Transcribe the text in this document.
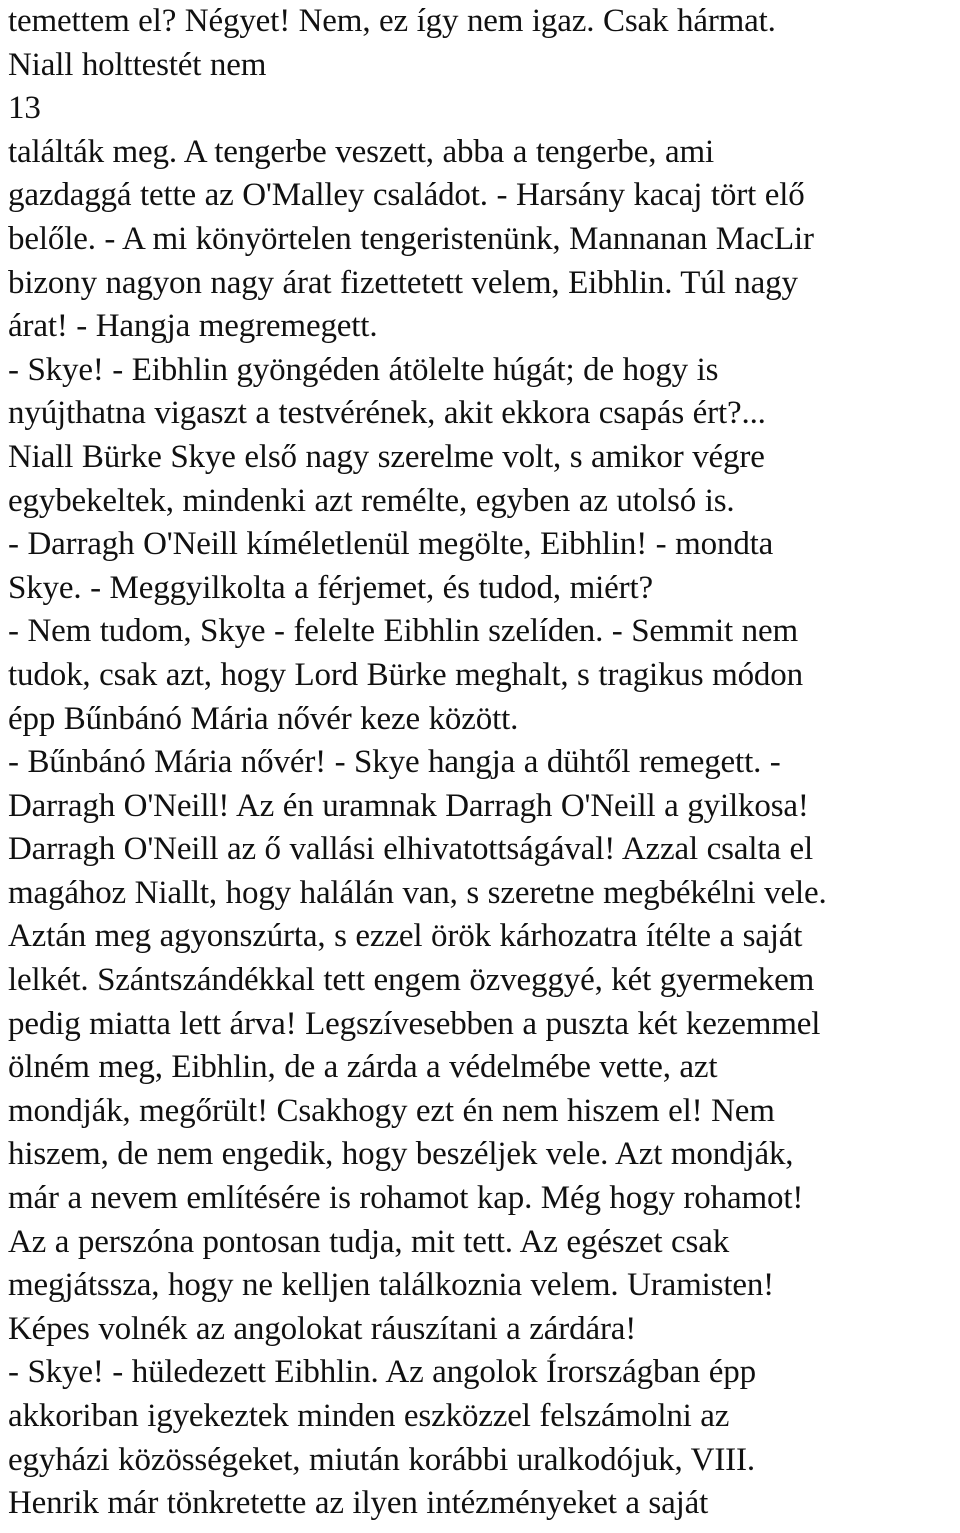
temettem el? Négyet! Nem, ez így nem igaz. Csak hármat.
Niall holttestét nem
13
találták meg. A tengerbe veszett, abba a tengerbe, ami
gazdaggá tette az O'Malley családot. - Harsány kacaj tört elő
belőle. - A mi könyörtelen tengeristenünk, Mannanan MacLir
bizony nagyon nagy árat fizettetett velem, Eibhlin. Túl nagy
árat! - Hangja megremegett.
- Skye! - Eibhlin gyöngéden átölelte húgát; de hogy is
nyújthatna vigaszt a testvérének, akit ekkora csapás ért?...
Niall Bürke Skye első nagy szerelme volt, s amikor végre
egybekeltek, mindenki azt remélte, egyben az utolsó is.
- Darragh O'Neill kíméletlenül megölte, Eibhlin! - mondta
Skye. - Meggyilkolta a férjemet, és tudod, miért?
- Nem tudom, Skye - felelte Eibhlin szelíden. - Semmit nem
tudok, csak azt, hogy Lord Bürke meghalt, s tragikus módon
épp Bűnbánó Mária nővér keze között.
- Bűnbánó Mária nővér! - Skye hangja a dühtől remegett. -
Darragh O'Neill! Az én uramnak Darragh O'Neill a gyilkosa!
Darragh O'Neill az ő vallási elhivatottságával! Azzal csalta el
magához Niallt, hogy halálán van, s szeretne megbékélni vele.
Aztán meg agyonszúrta, s ezzel örök kárhozatra ítélte a saját
lelkét. Szántszándékkal tett engem özveggyé, két gyermekem
pedig miatta lett árva! Legszívesebben a puszta két kezemmel
ölném meg, Eibhlin, de a zárda a védelmébe vette, azt
mondják, megőrült! Csakhogy ezt én nem hiszem el! Nem
hiszem, de nem engedik, hogy beszéljek vele. Azt mondják,
már a nevem említésére is rohamot kap. Még hogy rohamot!
Az a perszóna pontosan tudja, mit tett. Az egészet csak
megjátssza, hogy ne kelljen találkoznia velem. Uramisten!
Képes volnék az angolokat ráuszítani a zárdára!
- Skye! - hüledezett Eibhlin. Az angolok Írországban épp
akkoriban igyekeztek minden eszközzel felszámolni az
egyházi közösségeket, miután korábbi uralkodójuk, VIII.
Henrik már tönkretette az ilyen intézményeket a saját
